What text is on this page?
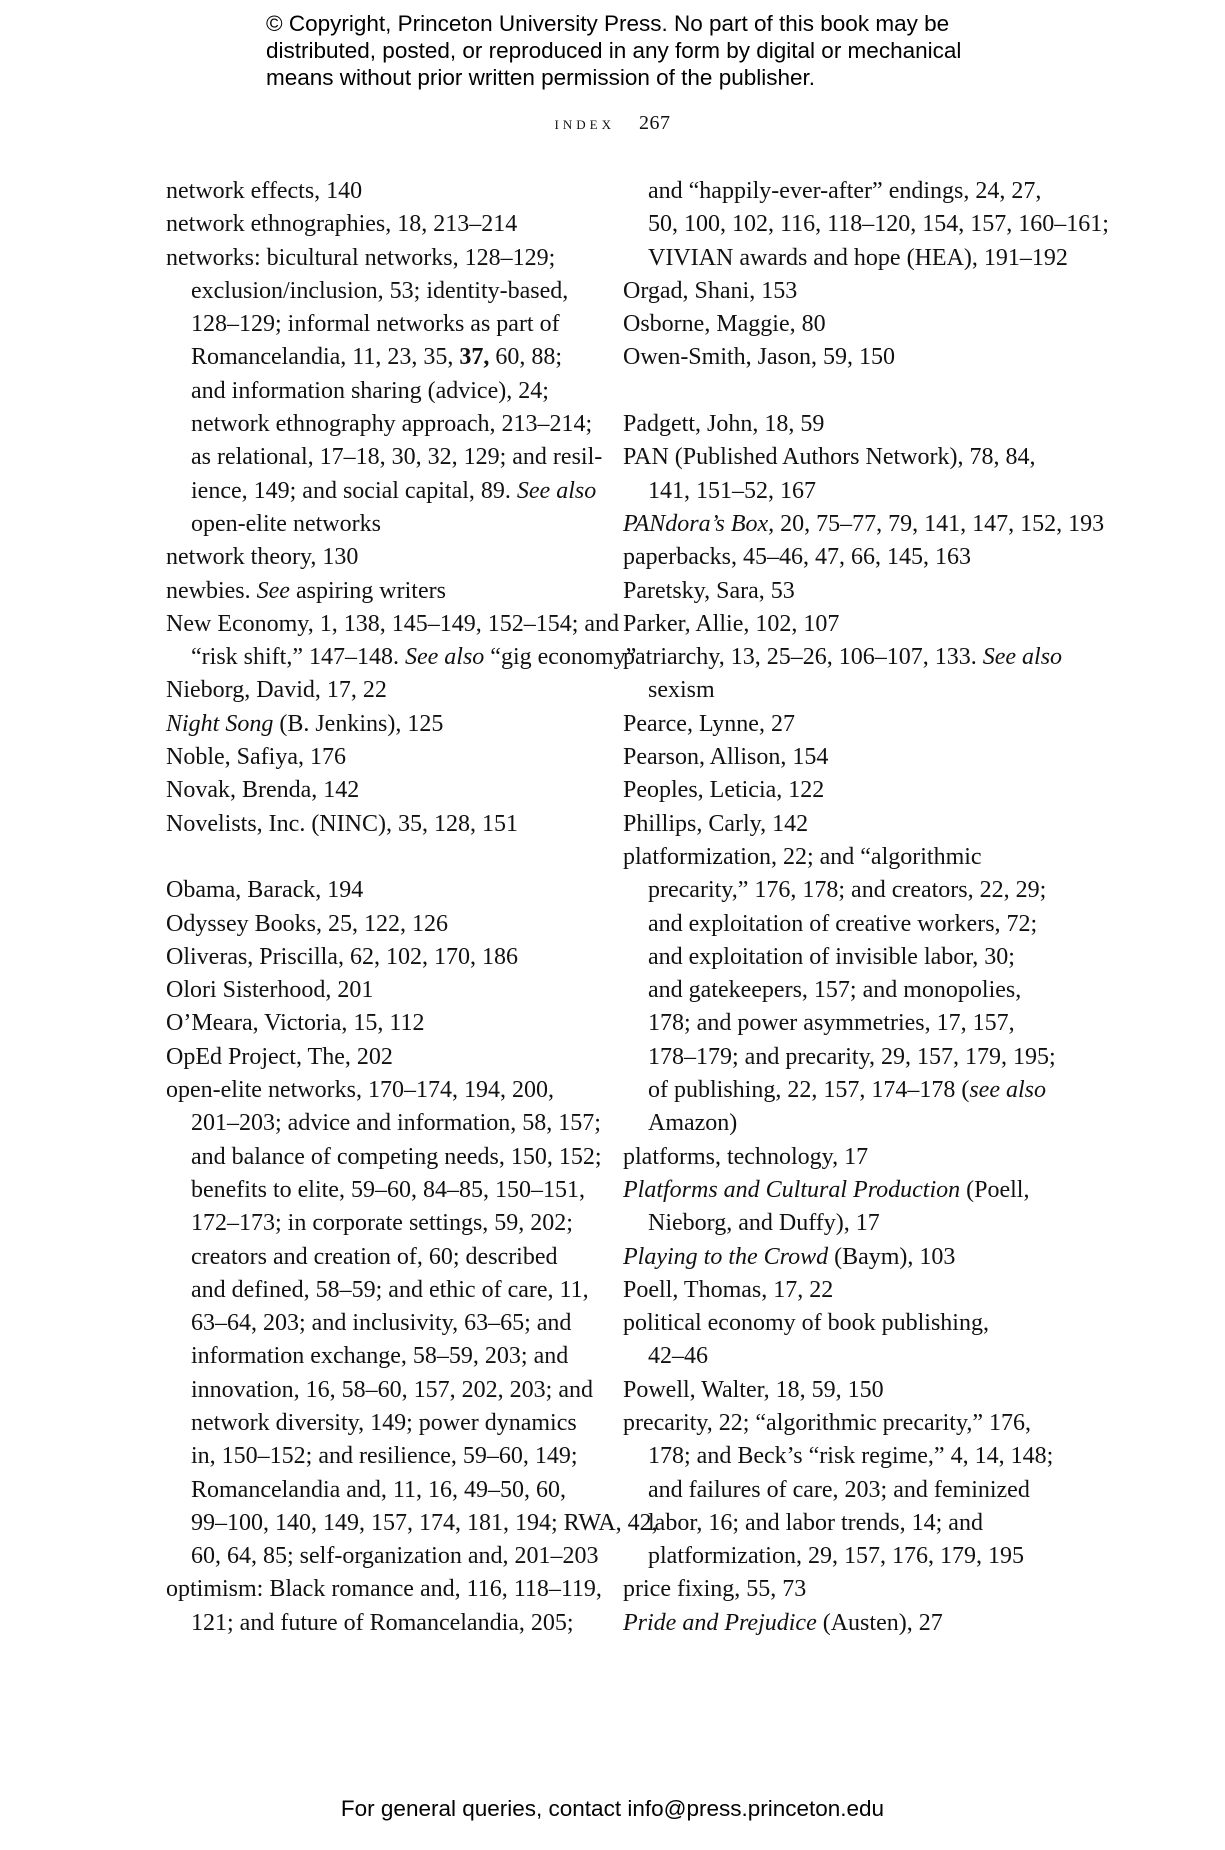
© Copyright, Princeton University Press. No part of this book may be distributed, posted, or reproduced in any form by digital or mechanical means without prior written permission of the publisher.
index 267
network effects, 140
network ethnographies, 18, 213–214
networks: bicultural networks, 128–129;
exclusion/inclusion, 53; identity-based,
128–129; informal networks as part of
Romancelandia, 11, 23, 35, 37, 60, 88;
and information sharing (advice), 24;
network ethnography approach, 213–214;
as relational, 17–18, 30, 32, 129; and resil-
ience, 149; and social capital, 89. See also
open-elite networks
network theory, 130
newbies. See aspiring writers
New Economy, 1, 138, 145–149, 152–154; and
“risk shift,” 147–148. See also “gig economy”
Nieborg, David, 17, 22
Night Song (B. Jenkins), 125
Noble, Safiya, 176
Novak, Brenda, 142
Novelists, Inc. (NINC), 35, 128, 151
Obama, Barack, 194
Odyssey Books, 25, 122, 126
Oliveras, Priscilla, 62, 102, 170, 186
Olori Sisterhood, 201
O’Meara, Victoria, 15, 112
OpEd Project, The, 202
open-elite networks, 170–174, 194, 200,
201–203; advice and information, 58, 157;
and balance of competing needs, 150, 152;
benefits to elite, 59–60, 84–85, 150–151,
172–173; in corporate settings, 59, 202;
creators and creation of, 60; described
and defined, 58–59; and ethic of care, 11,
63–64, 203; and inclusivity, 63–65; and
information exchange, 58–59, 203; and
innovation, 16, 58–60, 157, 202, 203; and
network diversity, 149; power dynamics
in, 150–152; and resilience, 59–60, 149;
Romancelandia and, 11, 16, 49–50, 60,
99–100, 140, 149, 157, 174, 181, 194; RWA, 42,
60, 64, 85; self-organization and, 201–203
optimism: Black romance and, 116, 118–119,
121; and future of Romancelandia, 205;
and “happily-ever-after” endings, 24, 27,
50, 100, 102, 116, 118–120, 154, 157, 160–161;
VIVIAN awards and hope (HEA), 191–192
Orgad, Shani, 153
Osborne, Maggie, 80
Owen-Smith, Jason, 59, 150
Padgett, John, 18, 59
PAN (Published Authors Network), 78, 84,
141, 151–52, 167
PANdora’s Box, 20, 75–77, 79, 141, 147, 152, 193
paperbacks, 45–46, 47, 66, 145, 163
Paretsky, Sara, 53
Parker, Allie, 102, 107
patriarchy, 13, 25–26, 106–107, 133. See also
sexism
Pearce, Lynne, 27
Pearson, Allison, 154
Peoples, Leticia, 122
Phillips, Carly, 142
platformization, 22; and “algorithmic
precarity,” 176, 178; and creators, 22, 29;
and exploitation of creative workers, 72;
and exploitation of invisible labor, 30;
and gatekeepers, 157; and monopolies,
178; and power asymmetries, 17, 157,
178–179; and precarity, 29, 157, 179, 195;
of publishing, 22, 157, 174–178 (see also
Amazon)
platforms, technology, 17
Platforms and Cultural Production (Poell,
Nieborg, and Duffy), 17
Playing to the Crowd (Baym), 103
Poell, Thomas, 17, 22
political economy of book publishing,
42–46
Powell, Walter, 18, 59, 150
precarity, 22; “algorithmic precarity,” 176,
178; and Beck’s “risk regime,” 4, 14, 148;
and failures of care, 203; and feminized
labor, 16; and labor trends, 14; and
platformization, 29, 157, 176, 179, 195
price fixing, 55, 73
Pride and Prejudice (Austen), 27
For general queries, contact info@press.princeton.edu
